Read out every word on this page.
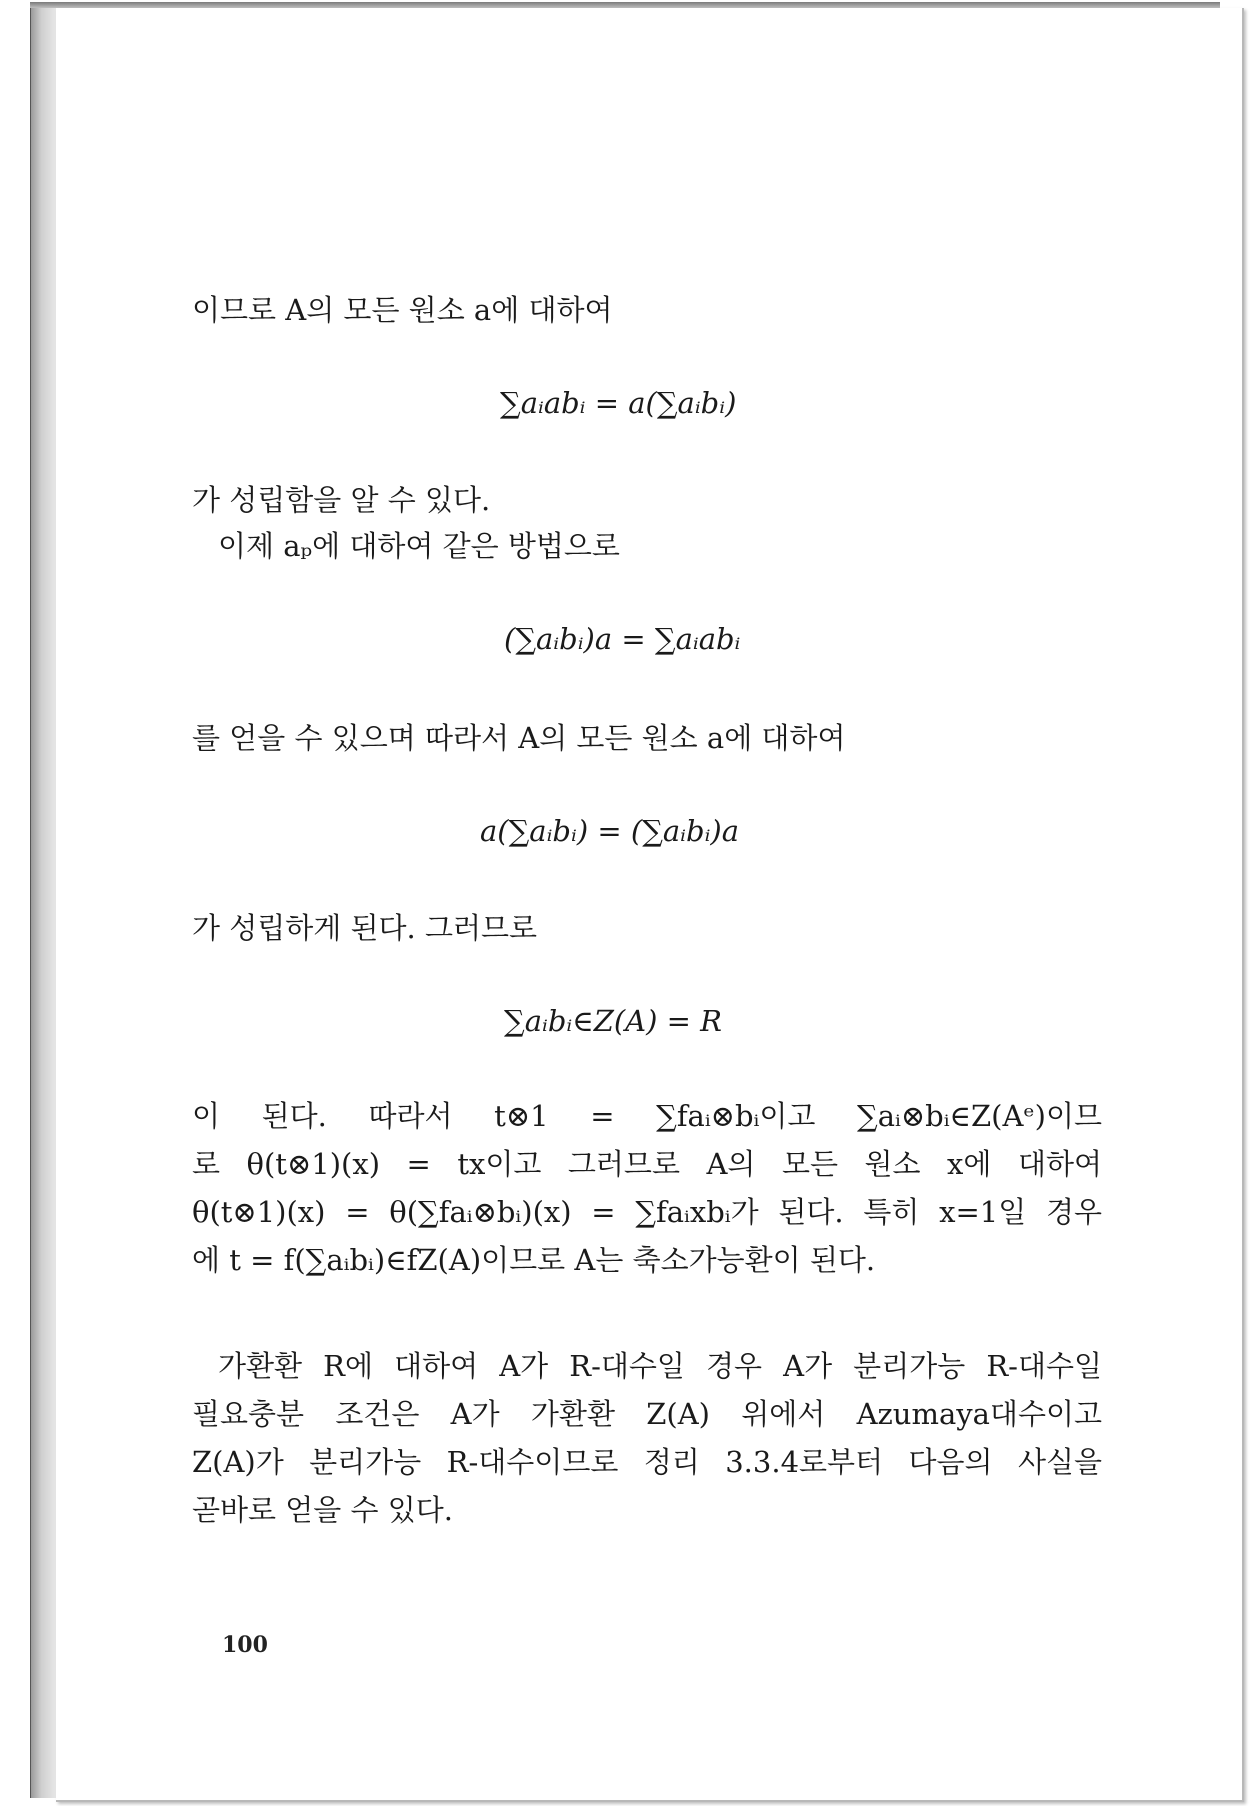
이므로 A의 모든 원소 a에 대하여
∑aᵢabᵢ = a(∑aᵢbᵢ)
가 성립함을 알 수 있다.
이제 aₚ에 대하여 같은 방법으로
(∑aᵢbᵢ)a = ∑aᵢabᵢ
를 얻을 수 있으며 따라서 A의 모든 원소 a에 대하여
a(∑aᵢbᵢ) = (∑aᵢbᵢ)a
가 성립하게 된다. 그러므로
∑aᵢbᵢ∈Z(A) = R
이 된다. 따라서 t⊗1 = ∑faᵢ⊗bᵢ이고 ∑aᵢ⊗bᵢ∈Z(Aᵉ)이므
로 θ(t⊗1)(x) = tx이고 그러므로 A의 모든 원소 x에 대하여
θ(t⊗1)(x) = θ(∑faᵢ⊗bᵢ)(x) = ∑faᵢxbᵢ가 된다. 특히 x=1일 경우
에 t = f(∑aᵢbᵢ)∈fZ(A)이므로 A는 축소가능환이 된다.
가환환 R에 대하여 A가 R-대수일 경우 A가 분리가능 R-대수일
필요충분 조건은 A가 가환환 Z(A) 위에서 Azumaya대수이고
Z(A)가 분리가능 R-대수이므로 정리 3.3.4로부터 다음의 사실을
곧바로 얻을 수 있다.
100
